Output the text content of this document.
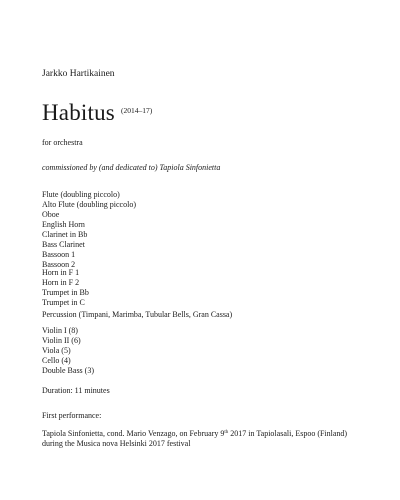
Jarkko Hartikainen
Habitus $^{(2014-17)}$
for orchestra
commissioned by (and dedicated to) Tapiola Sinfonietta
Flute (doubling piccolo)
Alto Flute (doubling piccolo)
Oboe
English Horn
Clarinet in Bb
Bass Clarinet
Bassoon 1
Bassoon 2
Horn in F 1
Horn in F 2
Trumpet in Bb
Trumpet in C
Percussion (Timpani, Marimba, Tubular Bells, Gran Cassa)
Violin I (8)
Violin II (6)
Viola (5)
Cello (4)
Double Bass (3)
Duration: 11 minutes
First performance:
Tapiola Sinfonietta, cond. Mario Venzago, on February 9th 2017 in Tapiolasali, Espoo (Finland)
during the Musica nova Helsinki 2017 festival
